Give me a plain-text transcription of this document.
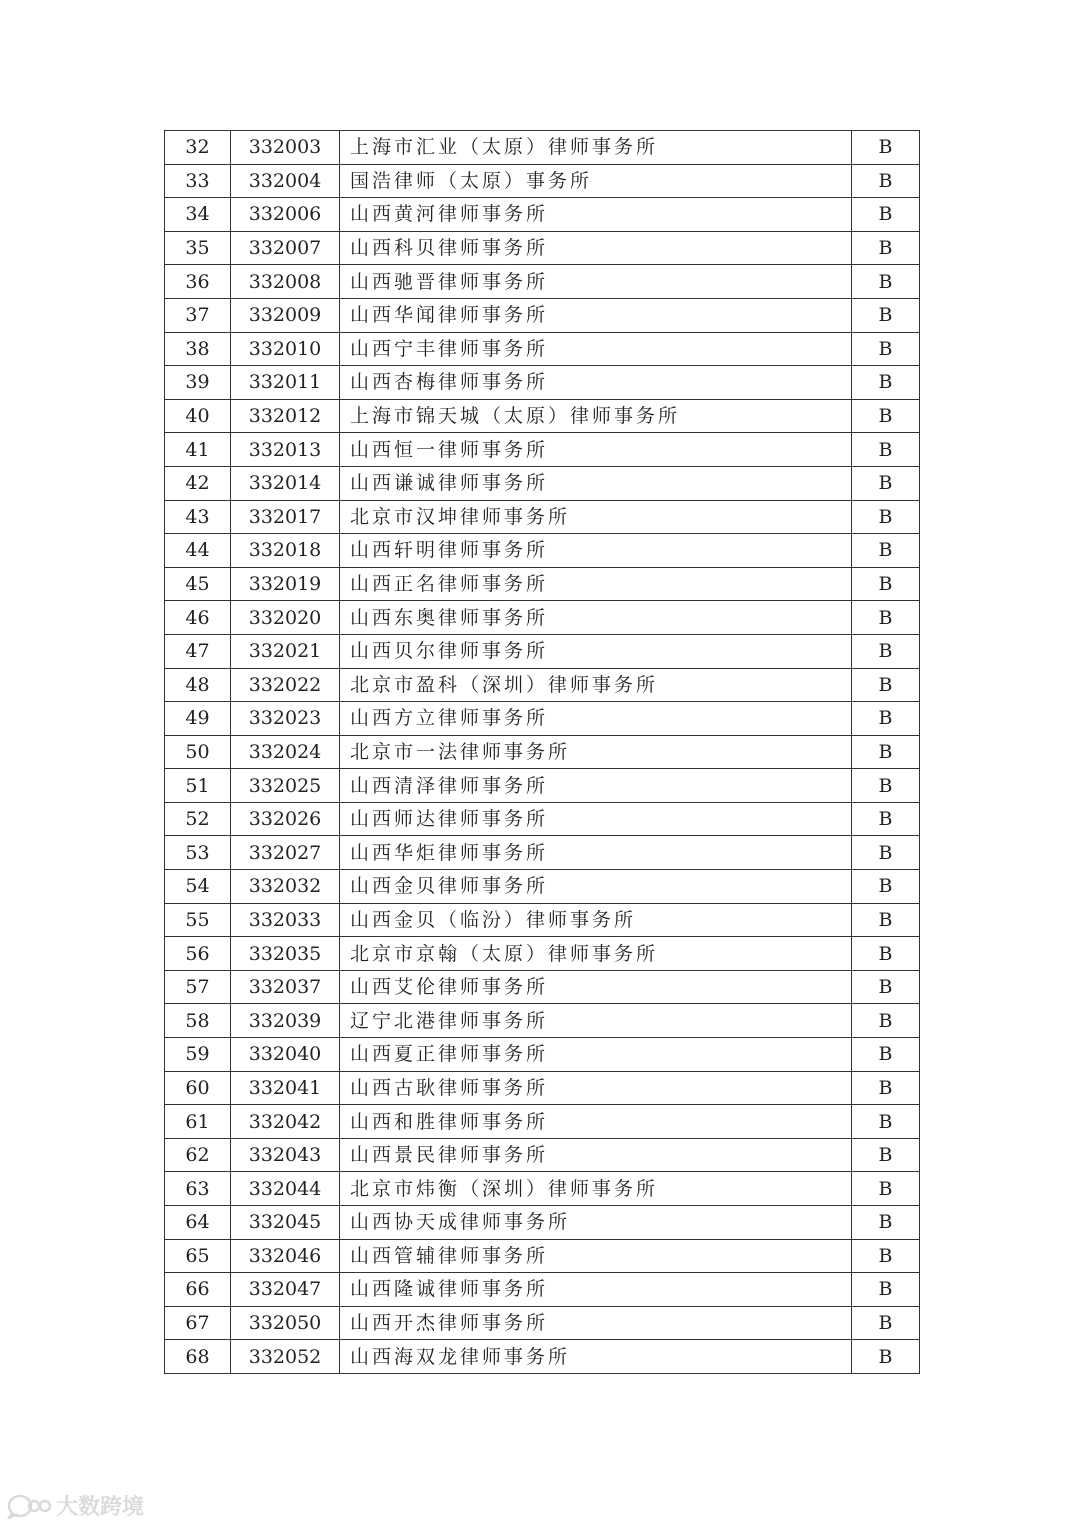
32	332003	上海市汇业（太原）律师事务所	B
33	332004	国浩律师（太原）事务所	B
34	332006	山西黄河律师事务所	B
35	332007	山西科贝律师事务所	B
36	332008	山西驰晋律师事务所	B
37	332009	山西华闻律师事务所	B
38	332010	山西宁丰律师事务所	B
39	332011	山西杏梅律师事务所	B
40	332012	上海市锦天城（太原）律师事务所	B
41	332013	山西恒一律师事务所	B
42	332014	山西谦诚律师事务所	B
43	332017	北京市汉坤律师事务所	B
44	332018	山西轩明律师事务所	B
45	332019	山西正名律师事务所	B
46	332020	山西东奥律师事务所	B
47	332021	山西贝尔律师事务所	B
48	332022	北京市盈科（深圳）律师事务所	B
49	332023	山西方立律师事务所	B
50	332024	北京市一法律师事务所	B
51	332025	山西清泽律师事务所	B
52	332026	山西师达律师事务所	B
53	332027	山西华炬律师事务所	B
54	332032	山西金贝律师事务所	B
55	332033	山西金贝（临汾）律师事务所	B
56	332035	北京市京翰（太原）律师事务所	B
57	332037	山西艾伦律师事务所	B
58	332039	辽宁北港律师事务所	B
59	332040	山西夏正律师事务所	B
60	332041	山西古耿律师事务所	B
61	332042	山西和胜律师事务所	B
62	332043	山西景民律师事务所	B
63	332044	北京市炜衡（深圳）律师事务所	B
64	332045	山西协天成律师事务所	B
65	332046	山西管辅律师事务所	B
66	332047	山西隆诚律师事务所	B
67	332050	山西开杰律师事务所	B
68	332052	山西海双龙律师事务所	B
大数跨境
